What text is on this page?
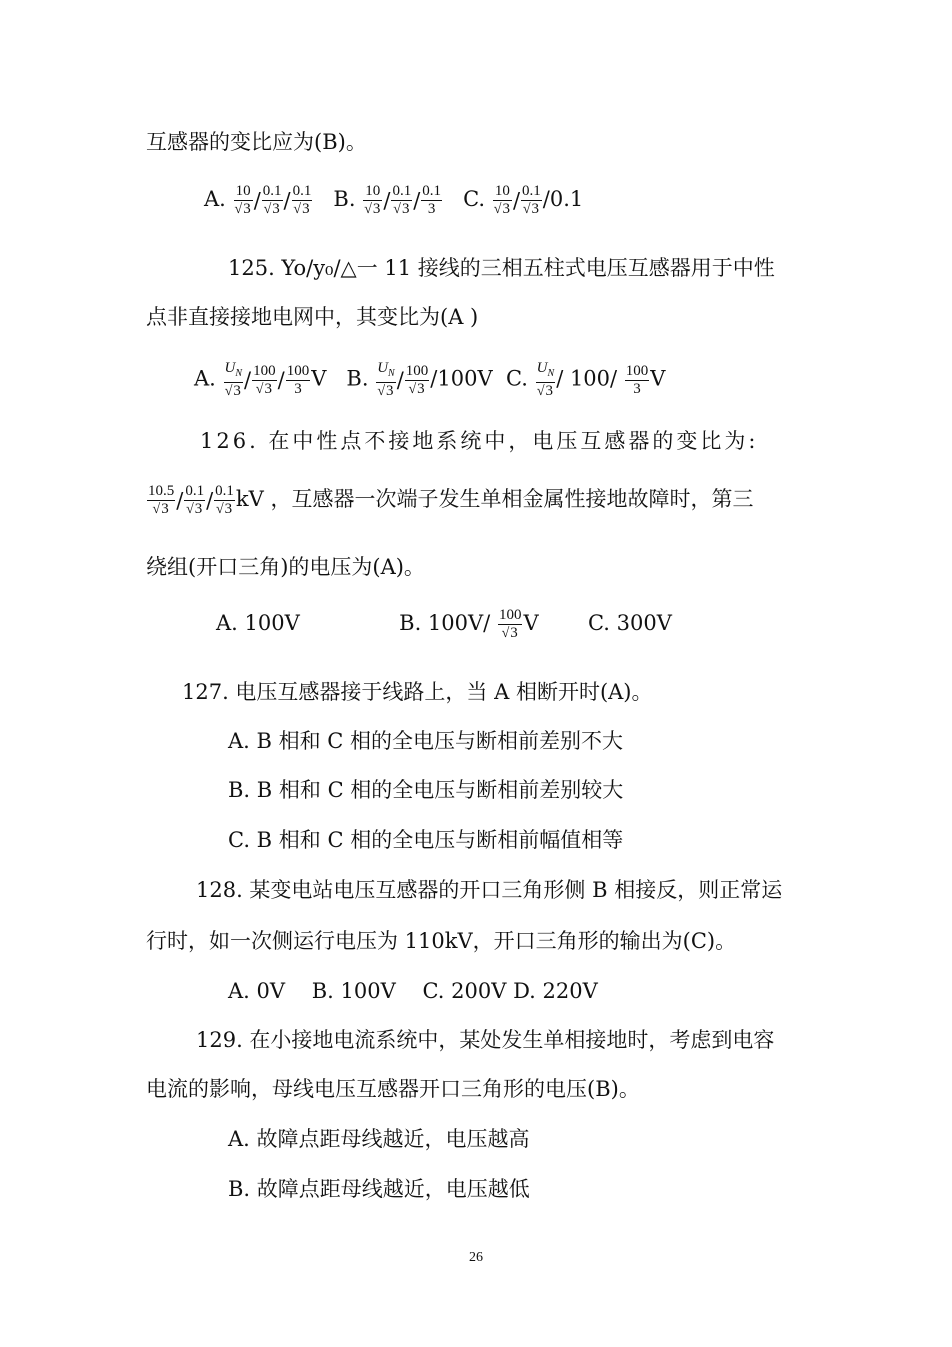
互感器的变比应为(B)。
A. $\frac{10}{√3} / \frac{0.1}{√3} / \frac{0.1}{√3} B$. $\frac{10}{√3} / \frac{0.1}{√3} / \frac{0.1}{3} C$. $\frac{10}{√3} / \frac{0.1}{√3} /0.1$
125. Yo/y₀/△一 11 接线的三相五柱式电压互感器用于中性
点非直接接地电网中，其变比为(A )
A. $\frac{U_N}{√3} / \frac{100}{√3} / \frac{100}{3}$ V B. $\frac{U_N}{√3} / \frac{100}{√3} /100V$ C. $\frac{U_N}{√3} / 100/ \frac{100}{3}$ V
126. 在中性点不接地系统中，电压互感器的变比为:
$\frac{10.5}{√3} / \frac{0.1}{√3} / \frac{0.1}{√3}$ kV ，互感器一次端子发生单相金属性接地故障时，第三
绕组(开口三角)的电压为(A)。
A. 100V	B. $100V/ \frac{100}{√3}$ V C. 300V
127. 电压互感器接于线路上，当 A 相断开时(A)。
A. B 相和 C 相的全电压与断相前差别不大
B. B 相和 C 相的全电压与断相前差别较大
C. B 相和 C 相的全电压与断相前幅值相等
128. 某变电站电压互感器的开口三角形侧 B 相接反，则正常运
行时，如一次侧运行电压为 110kV，开口三角形的输出为(C)。
A. 0V    B. 100V    C. 200V D. 220V
129. 在小接地电流系统中，某处发生单相接地时，考虑到电容
电流的影响，母线电压互感器开口三角形的电压(B)。
A. 故障点距母线越近，电压越高
B. 故障点距母线越近，电压越低
26
